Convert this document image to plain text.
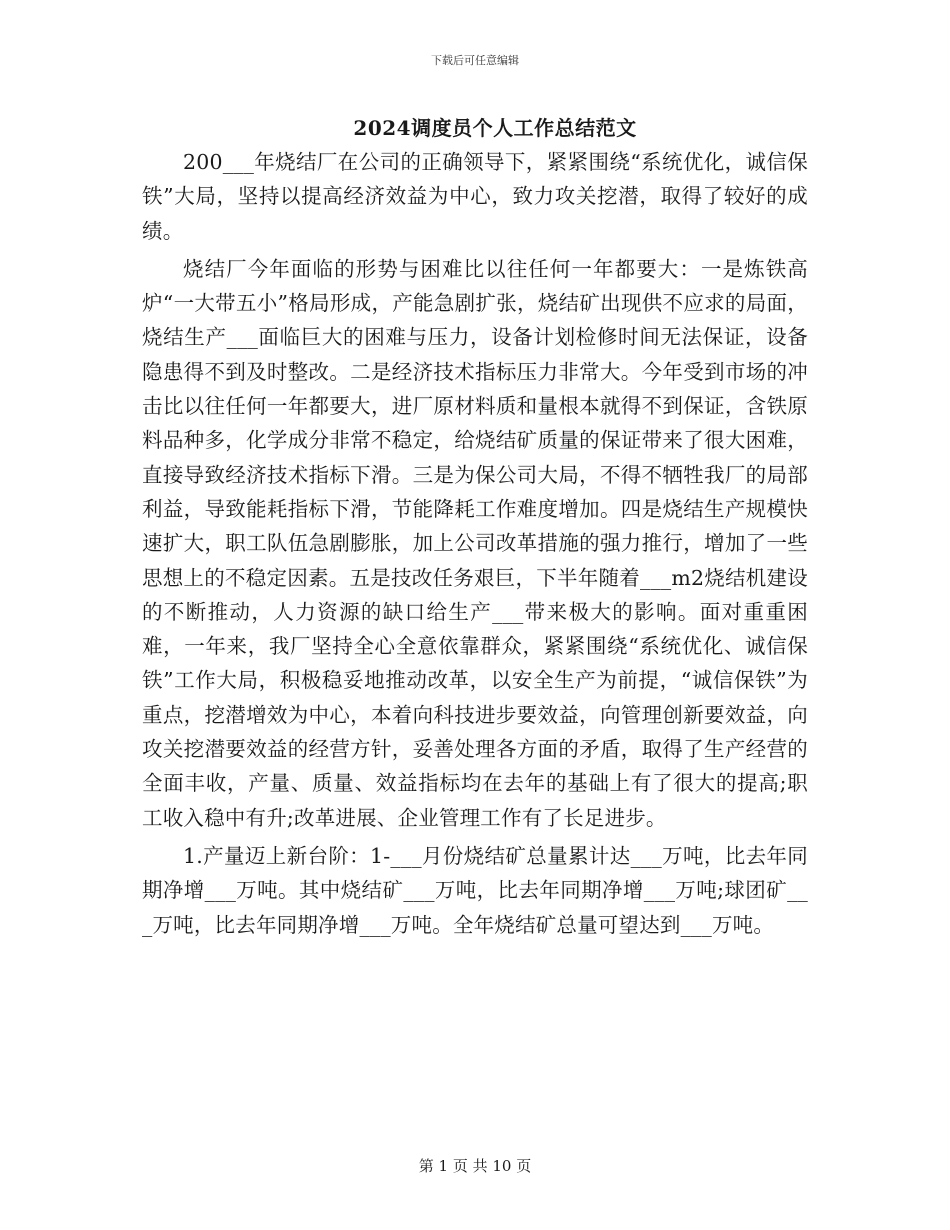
下载后可任意编辑
2024调度员个人工作总结范文

200___年烧结厂在公司的正确领导下，紧紧围绕“系统优化，诚信保铁”大局，坚持以提高经济效益为中心，致力攻关挖潜，取得了较好的成绩。

烧结厂今年面临的形势与困难比以往任何一年都要大：一是炼铁高炉“一大带五小”格局形成，产能急剧扩张，烧结矿出现供不应求的局面，烧结生产___面临巨大的困难与压力，设备计划检修时间无法保证，设备隐患得不到及时整改。二是经济技术指标压力非常大。今年受到市场的冲击比以往任何一年都要大，进厂原材料质和量根本就得不到保证，含铁原料品种多，化学成分非常不稳定，给烧结矿质量的保证带来了很大困难，直接导致经济技术指标下滑。三是为保公司大局，不得不牺牲我厂的局部利益，导致能耗指标下滑，节能降耗工作难度增加。四是烧结生产规模快速扩大，职工队伍急剧膨胀，加上公司改革措施的强力推行，增加了一些思想上的不稳定因素。五是技改任务艰巨，下半年随着___m2烧结机建设的不断推动，人力资源的缺口给生产___带来极大的影响。面对重重困难，一年来，我厂坚持全心全意依靠群众，紧紧围绕“系统优化、诚信保铁”工作大局，积极稳妥地推动改革，以安全生产为前提，“诚信保铁”为重点，挖潜增效为中心，本着向科技进步要效益，向管理创新要效益，向攻关挖潜要效益的经营方针，妥善处理各方面的矛盾，取得了生产经营的全面丰收，产量、质量、效益指标均在去年的基础上有了很大的提高;职工收入稳中有升;改革进展、企业管理工作有了长足进步。

1.产量迈上新台阶：1-___月份烧结矿总量累计达___万吨，比去年同期净增___万吨。其中烧结矿___万吨，比去年同期净增___万吨;球团矿___万吨，比去年同期净增___万吨。全年烧结矿总量可望达到___万吨。

第 1 页 共 10 页
